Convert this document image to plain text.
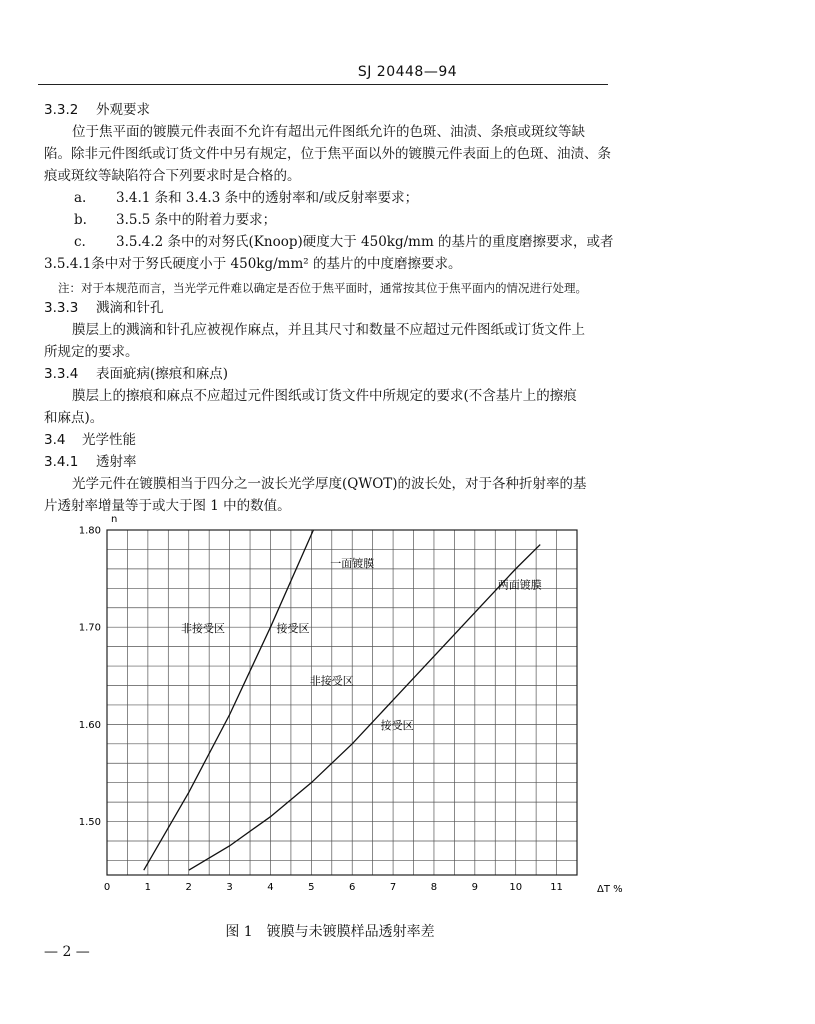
SJ 20448—94
3.3.2 外观要求
位于焦平面的镀膜元件表面不允许有超出元件图纸允许的色斑、油渍、条痕或斑纹等缺
陷。除非元件图纸或订货文件中另有规定，位于焦平面以外的镀膜元件表面上的色斑、油渍、条
痕或斑纹等缺陷符合下列要求时是合格的。
a. 3.4.1 条和 3.4.3 条中的透射率和/或反射率要求；
b. 3.5.5 条中的附着力要求；
c. 3.5.4.2 条中的对努氏(Knoop)硬度大于 450kg/mm 的基片的重度磨擦要求，或者
3.5.4.1条中对于努氏硬度小于 450kg/mm² 的基片的中度磨擦要求。
注：对于本规范而言，当光学元件难以确定是否位于焦平面时，通常按其位于焦平面内的情况进行处理。
3.3.3 溅滴和针孔
膜层上的溅滴和针孔应被视作麻点，并且其尺寸和数量不应超过元件图纸或订货文件上
所规定的要求。
3.3.4 表面疵病(擦痕和麻点)
膜层上的擦痕和麻点不应超过元件图纸或订货文件中所规定的要求(不含基片上的擦痕
和麻点)。
3.4 光学性能
3.4.1 透射率
光学元件在镀膜相当于四分之一波长光学厚度(QWOT)的波长处，对于各种折射率的基
片透射率增量等于或大于图 1 中的数值。
0	1	2	3	4	5	6	7	8	9	10	11
1.80
1.70
1.60
1.50
n
ΔT %
非接受区	接受区
非接受区
接受区
一面镀膜
两面镀膜
图 1　镀膜与未镀膜样品透射率差
— 2 —
